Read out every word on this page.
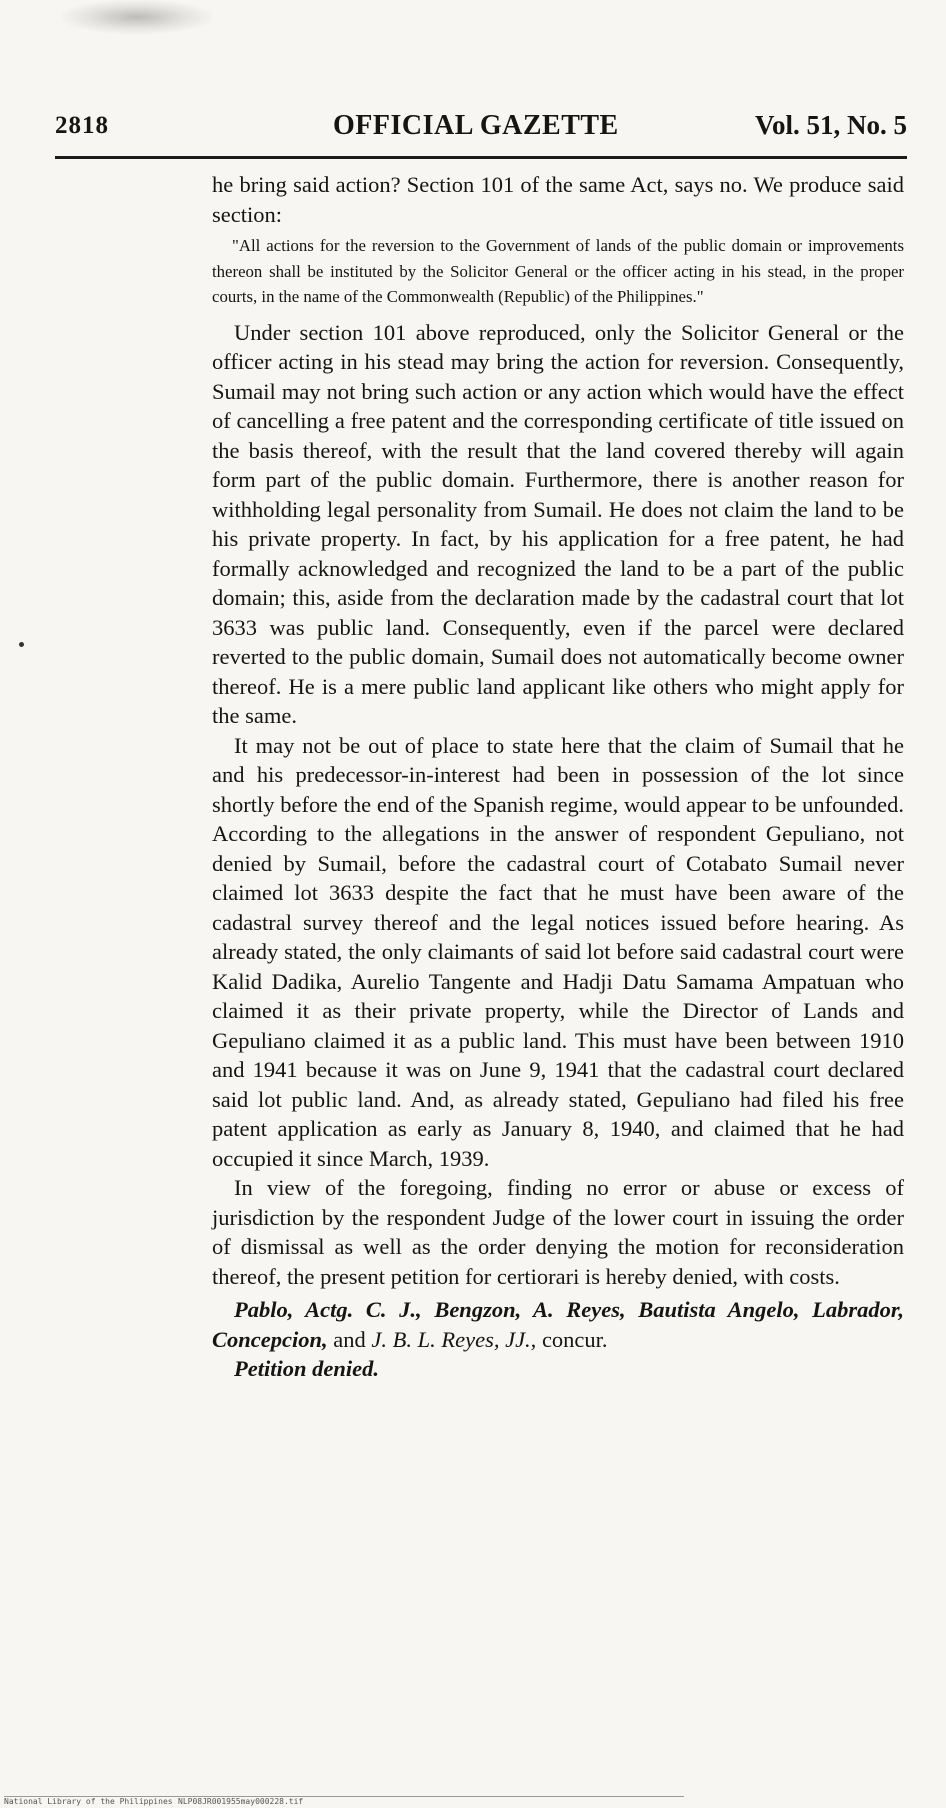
2818	OFFICIAL GAZETTE	Vol. 51, No. 5

he bring said action? Section 101 of the same Act, says no. We produce said section:

"All actions for the reversion to the Government of lands of the public domain or improvements thereon shall be instituted by the Solicitor General or the officer acting in his stead, in the proper courts, in the name of the Commonwealth (Republic) of the Philippines."

Under section 101 above reproduced, only the Solicitor General or the officer acting in his stead may bring the action for reversion. Consequently, Sumail may not bring such action or any action which would have the effect of cancelling a free patent and the corresponding certificate of title issued on the basis thereof, with the result that the land covered thereby will again form part of the public domain. Furthermore, there is another reason for withholding legal personality from Sumail. He does not claim the land to be his private property. In fact, by his application for a free patent, he had formally acknowledged and recognized the land to be a part of the public domain; this, aside from the declaration made by the cadastral court that lot 3633 was public land. Consequently, even if the parcel were declared reverted to the public domain, Sumail does not automatically become owner thereof. He is a mere public land applicant like others who might apply for the same.

It may not be out of place to state here that the claim of Sumail that he and his predecessor-in-interest had been in possession of the lot since shortly before the end of the Spanish regime, would appear to be unfounded. According to the allegations in the answer of respondent Gepuliano, not denied by Sumail, before the cadastral court of Cotabato Sumail never claimed lot 3633 despite the fact that he must have been aware of the cadastral survey thereof and the legal notices issued before hearing. As already stated, the only claimants of said lot before said cadastral court were Kalid Dadika, Aurelio Tangente and Hadji Datu Samama Ampatuan who claimed it as their private property, while the Director of Lands and Gepuliano claimed it as a public land. This must have been between 1910 and 1941 because it was on June 9, 1941 that the cadastral court declared said lot public land. And, as already stated, Gepuliano had filed his free patent application as early as January 8, 1940, and claimed that he had occupied it since March, 1939.

In view of the foregoing, finding no error or abuse or excess of jurisdiction by the respondent Judge of the lower court in issuing the order of dismissal as well as the order denying the motion for reconsideration thereof, the present petition for certiorari is hereby denied, with costs.

Pablo, Actg. C. J., Bengzon, A. Reyes, Bautista Angelo, Labrador, Concepcion, and J. B. L. Reyes, JJ., concur.

Petition denied.

National Library of the Philippines NLP08JR001955may000228.tif
